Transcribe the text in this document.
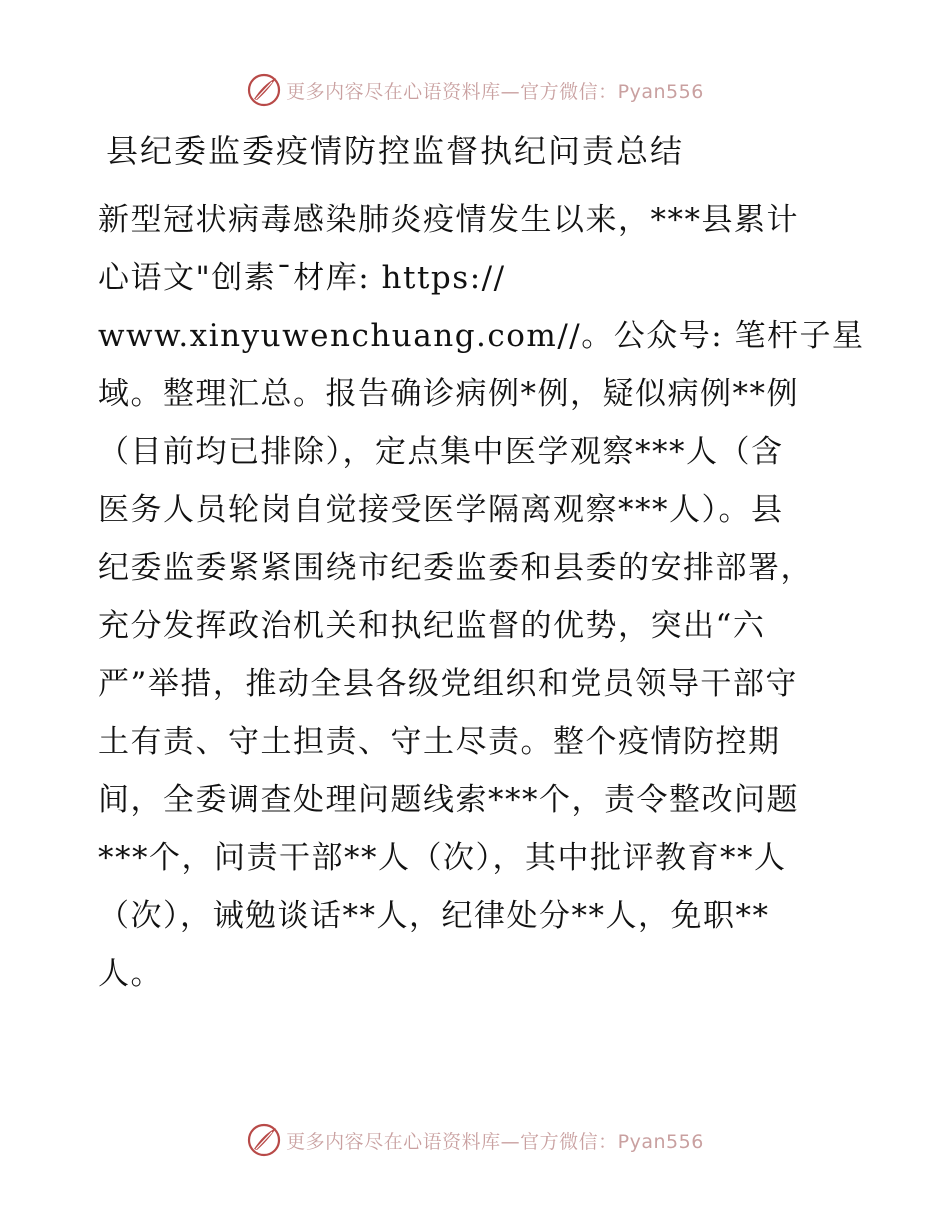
更多内容尽在心语资料库—官方微信：Pyan556
县纪委监委疫情防控监督执纪问责总结
新型冠状病毒感染肺炎疫情发生以来，***县累计
心语文"创素¯材库: https://
www.xinyuwenchuang.com//。公众号: 笔杆子星
域。整理汇总。报告确诊病例*例，疑似病例**例
（目前均已排除），定点集中医学观察***人（含
医务人员轮岗自觉接受医学隔离观察***人）。县
纪委监委紧紧围绕市纪委监委和县委的安排部署，
充分发挥政治机关和执纪监督的优势，突出“六
严”举措，推动全县各级党组织和党员领导干部守
土有责、守土担责、守土尽责。整个疫情防控期
间，全委调查处理问题线索***个，责令整改问题
***个，问责干部**人（次），其中批评教育**人
（次），诫勉谈话**人，纪律处分**人，免职**
人。
更多内容尽在心语资料库—官方微信：Pyan556
